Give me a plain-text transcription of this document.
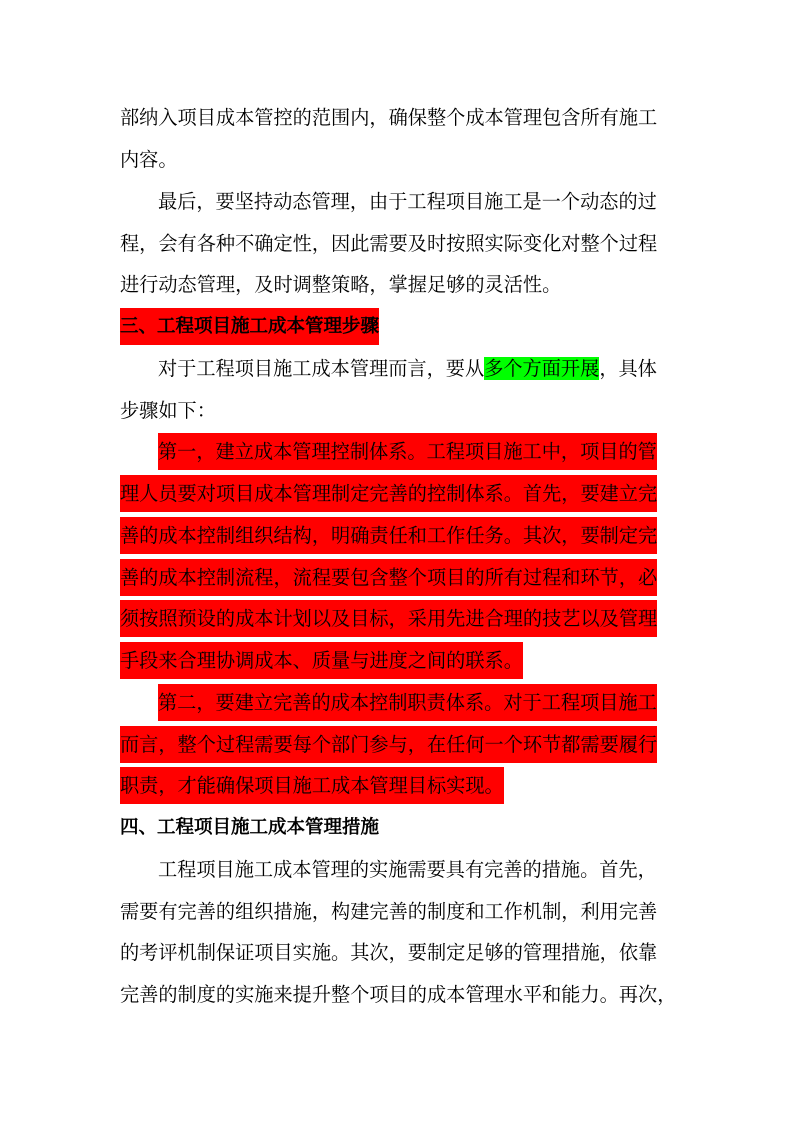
部纳入项目成本管控的范围内，确保整个成本管理包含所有施工
内容。
最后，要坚持动态管理，由于工程项目施工是一个动态的过
程，会有各种不确定性，因此需要及时按照实际变化对整个过程
进行动态管理，及时调整策略，掌握足够的灵活性。
三、工程项目施工成本管理步骤
对于工程项目施工成本管理而言，要从多个方面开展，具体
步骤如下：
第一，建立成本管理控制体系。工程项目施工中，项目的管
理人员要对项目成本管理制定完善的控制体系。首先，要建立完
善的成本控制组织结构，明确责任和工作任务。其次，要制定完
善的成本控制流程，流程要包含整个项目的所有过程和环节，必
须按照预设的成本计划以及目标，采用先进合理的技艺以及管理
手段来合理协调成本、质量与进度之间的联系。
第二，要建立完善的成本控制职责体系。对于工程项目施工
而言，整个过程需要每个部门参与，在任何一个环节都需要履行
职责，才能确保项目施工成本管理目标实现。
四、工程项目施工成本管理措施
工程项目施工成本管理的实施需要具有完善的措施。首先，
需要有完善的组织措施，构建完善的制度和工作机制，利用完善
的考评机制保证项目实施。其次，要制定足够的管理措施，依靠
完善的制度的实施来提升整个项目的成本管理水平和能力。再次，
